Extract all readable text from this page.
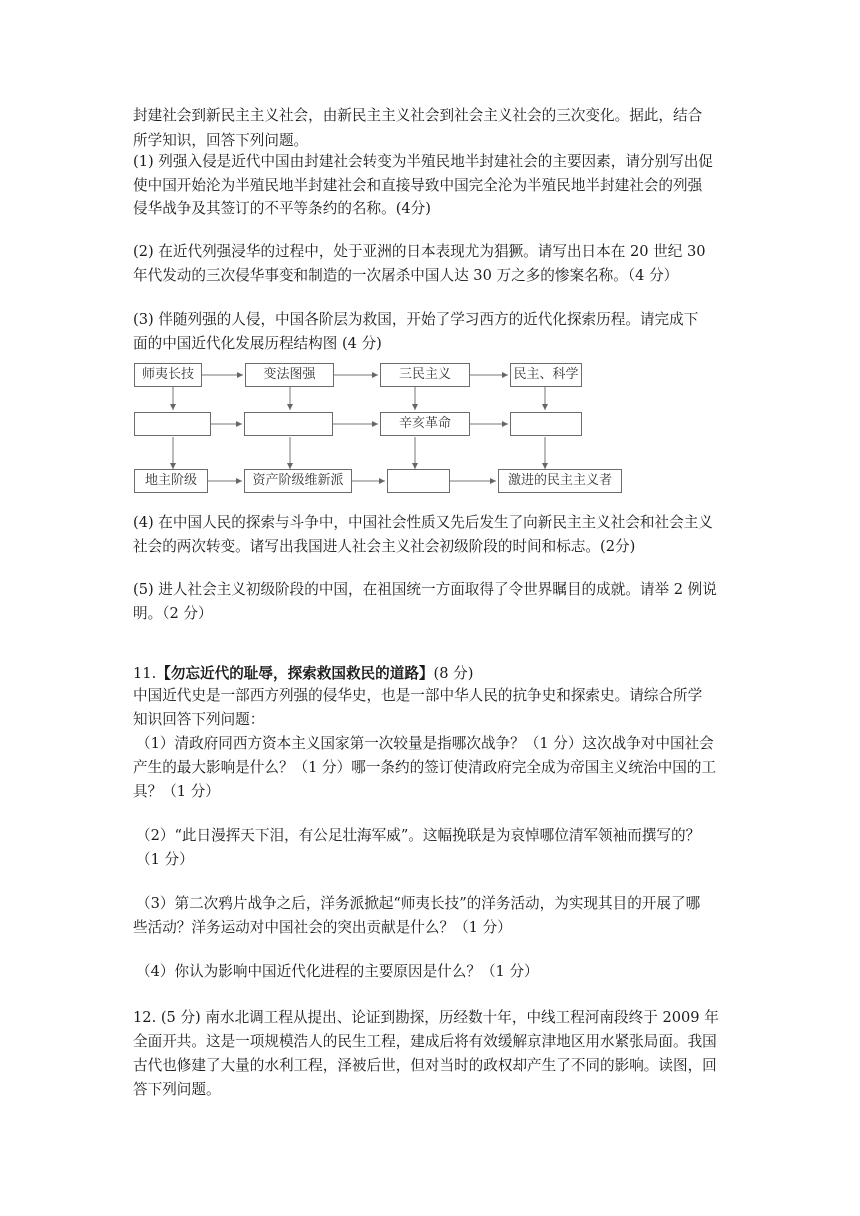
封建社会到新民主主义社会，由新民主主义社会到社会主义社会的三次变化。据此，结合
所学知识，回答下列问题。
(1) 列强入侵是近代中国由封建社会转变为半殖民地半封建社会的主要因素，请分别写出促
使中国开始沦为半殖民地半封建社会和直接导致中国完全沦为半殖民地半封建社会的列强
侵华战争及其签订的不平等条约的名称。(4分)
(2) 在近代列强浸华的过程中，处于亚洲的日本表现尤为猖獗。请写出日本在 20 世纪 30
年代发动的三次侵华事变和制造的一次屠杀中国人达 30 万之多的惨案名称。（4 分）
(3) 伴随列强的人侵，中国各阶层为救国，开始了学习西方的近代化探索历程。请完成下
面的中国近代化发展历程结构图 (4 分)
师夷长技	变法图强	三民主义	民主、科学
辛亥革命
地主阶级	资产阶级维新派	激进的民主主义者
(4) 在中国人民的探索与斗争中，中国社会性质又先后发生了向新民主主义社会和社会主义
社会的两次转变。诸写出我国进人社会主义社会初级阶段的时间和标志。(2分)
(5) 进人社会主义初级阶段的中国，在祖国统一方面取得了令世界瞩目的成就。请举 2 例说
明。（2 分）
11.【勿忘近代的耻辱，探索救国救民的道路】(8 分)
中国近代史是一部西方列强的侵华史，也是一部中华人民的抗争史和探索史。请综合所学
知识回答下列问题：
（1）清政府同西方资本主义国家第一次较量是指哪次战争？（1 分）这次战争对中国社会
产生的最大影响是什么？（1 分）哪一条约的签订使清政府完全成为帝国主义统治中国的工
具？（1 分）
（2）“此日漫挥天下泪，有公足壮海军威”。这幅挽联是为哀悼哪位清军领袖而撰写的？
（1 分）
（3）第二次鸦片战争之后，洋务派掀起“师夷长技”的洋务活动，为实现其目的开展了哪
些活动？洋务运动对中国社会的突出贡献是什么？（1 分）
（4）你认为影响中国近代化进程的主要原因是什么？（1 分）
12. (5 分) 南水北调工程从提出、论证到勘探，历经数十年，中线工程河南段终于 2009 年
全面开共。这是一项规模浩人的民生工程，建成后将有效缓解京津地区用水紧张局面。我国
古代也修建了大量的水利工程，泽被后世，但对当时的政权却产生了不同的影响。读图，回
答下列问题。
